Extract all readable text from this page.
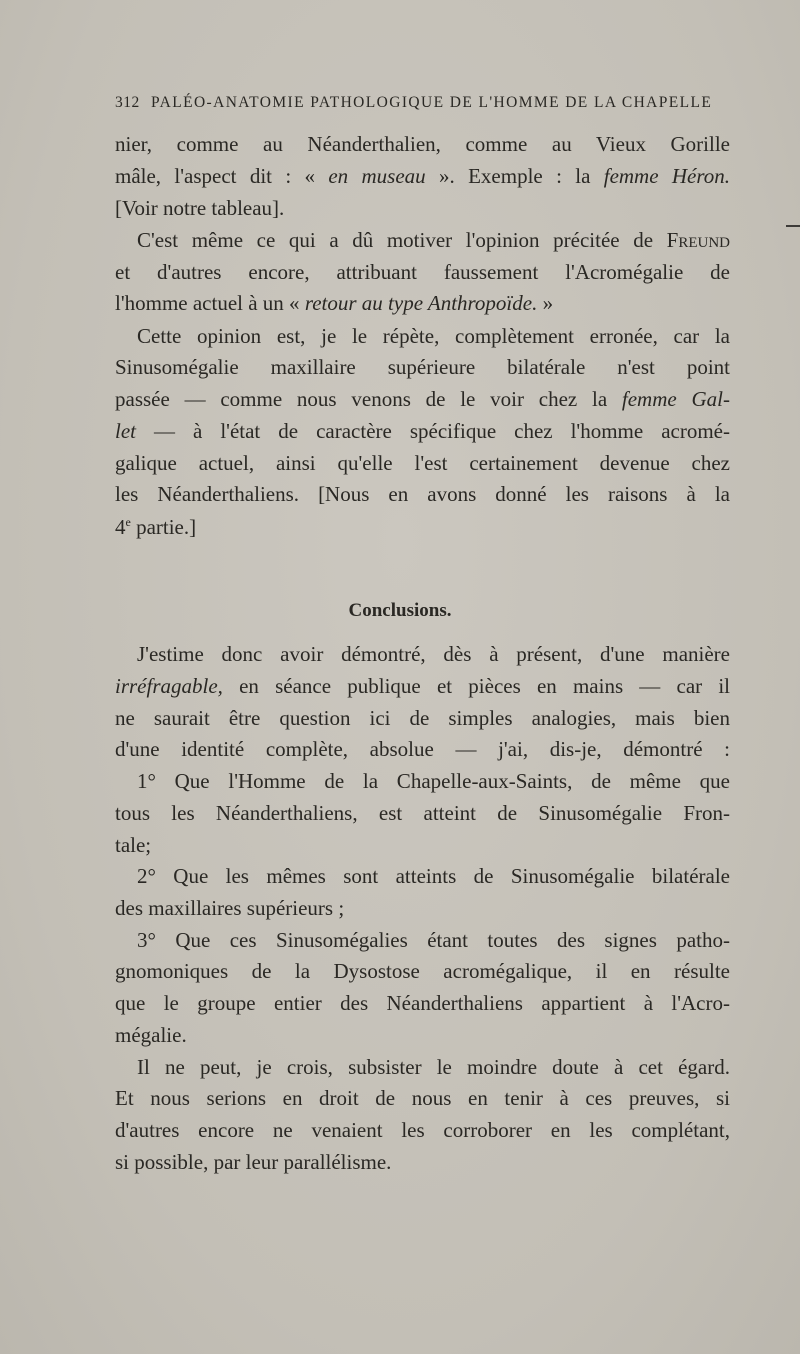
312 PALÉO-ANATOMIE PATHOLOGIQUE DE L'HOMME DE LA CHAPELLE
nier, comme au Néanderthalien, comme au Vieux Gorille
mâle, l'aspect dit : « en museau ». Exemple : la femme Héron.
[Voir notre tableau].
C'est même ce qui a dû motiver l'opinion précitée de Freund
et d'autres encore, attribuant faussement l'Acromégalie de
l'homme actuel à un « retour au type Anthropoïde. »
Cette opinion est, je le répète, complètement erronée, car la
Sinusomégalie maxillaire supérieure bilatérale n'est point
passée — comme nous venons de le voir chez la femme Gal-
let — à l'état de caractère spécifique chez l'homme acromé-
galique actuel, ainsi qu'elle l'est certainement devenue chez
les Néanderthaliens. [Nous en avons donné les raisons à la
4e partie.]
Conclusions.
J'estime donc avoir démontré, dès à présent, d'une manière
irréfragable, en séance publique et pièces en mains — car il
ne saurait être question ici de simples analogies, mais bien
d'une identité complète, absolue — j'ai, dis-je, démontré :
1° Que l'Homme de la Chapelle-aux-Saints, de même que
tous les Néanderthaliens, est atteint de Sinusomégalie Fron-
tale;
2° Que les mêmes sont atteints de Sinusomégalie bilatérale
des maxillaires supérieurs ;
3° Que ces Sinusomégalies étant toutes des signes patho-
gnomoniques de la Dysostose acromégalique, il en résulte
que le groupe entier des Néanderthaliens appartient à l'Acro-
mégalie.
Il ne peut, je crois, subsister le moindre doute à cet égard.
Et nous serions en droit de nous en tenir à ces preuves, si
d'autres encore ne venaient les corroborer en les complétant,
si possible, par leur parallélisme.
